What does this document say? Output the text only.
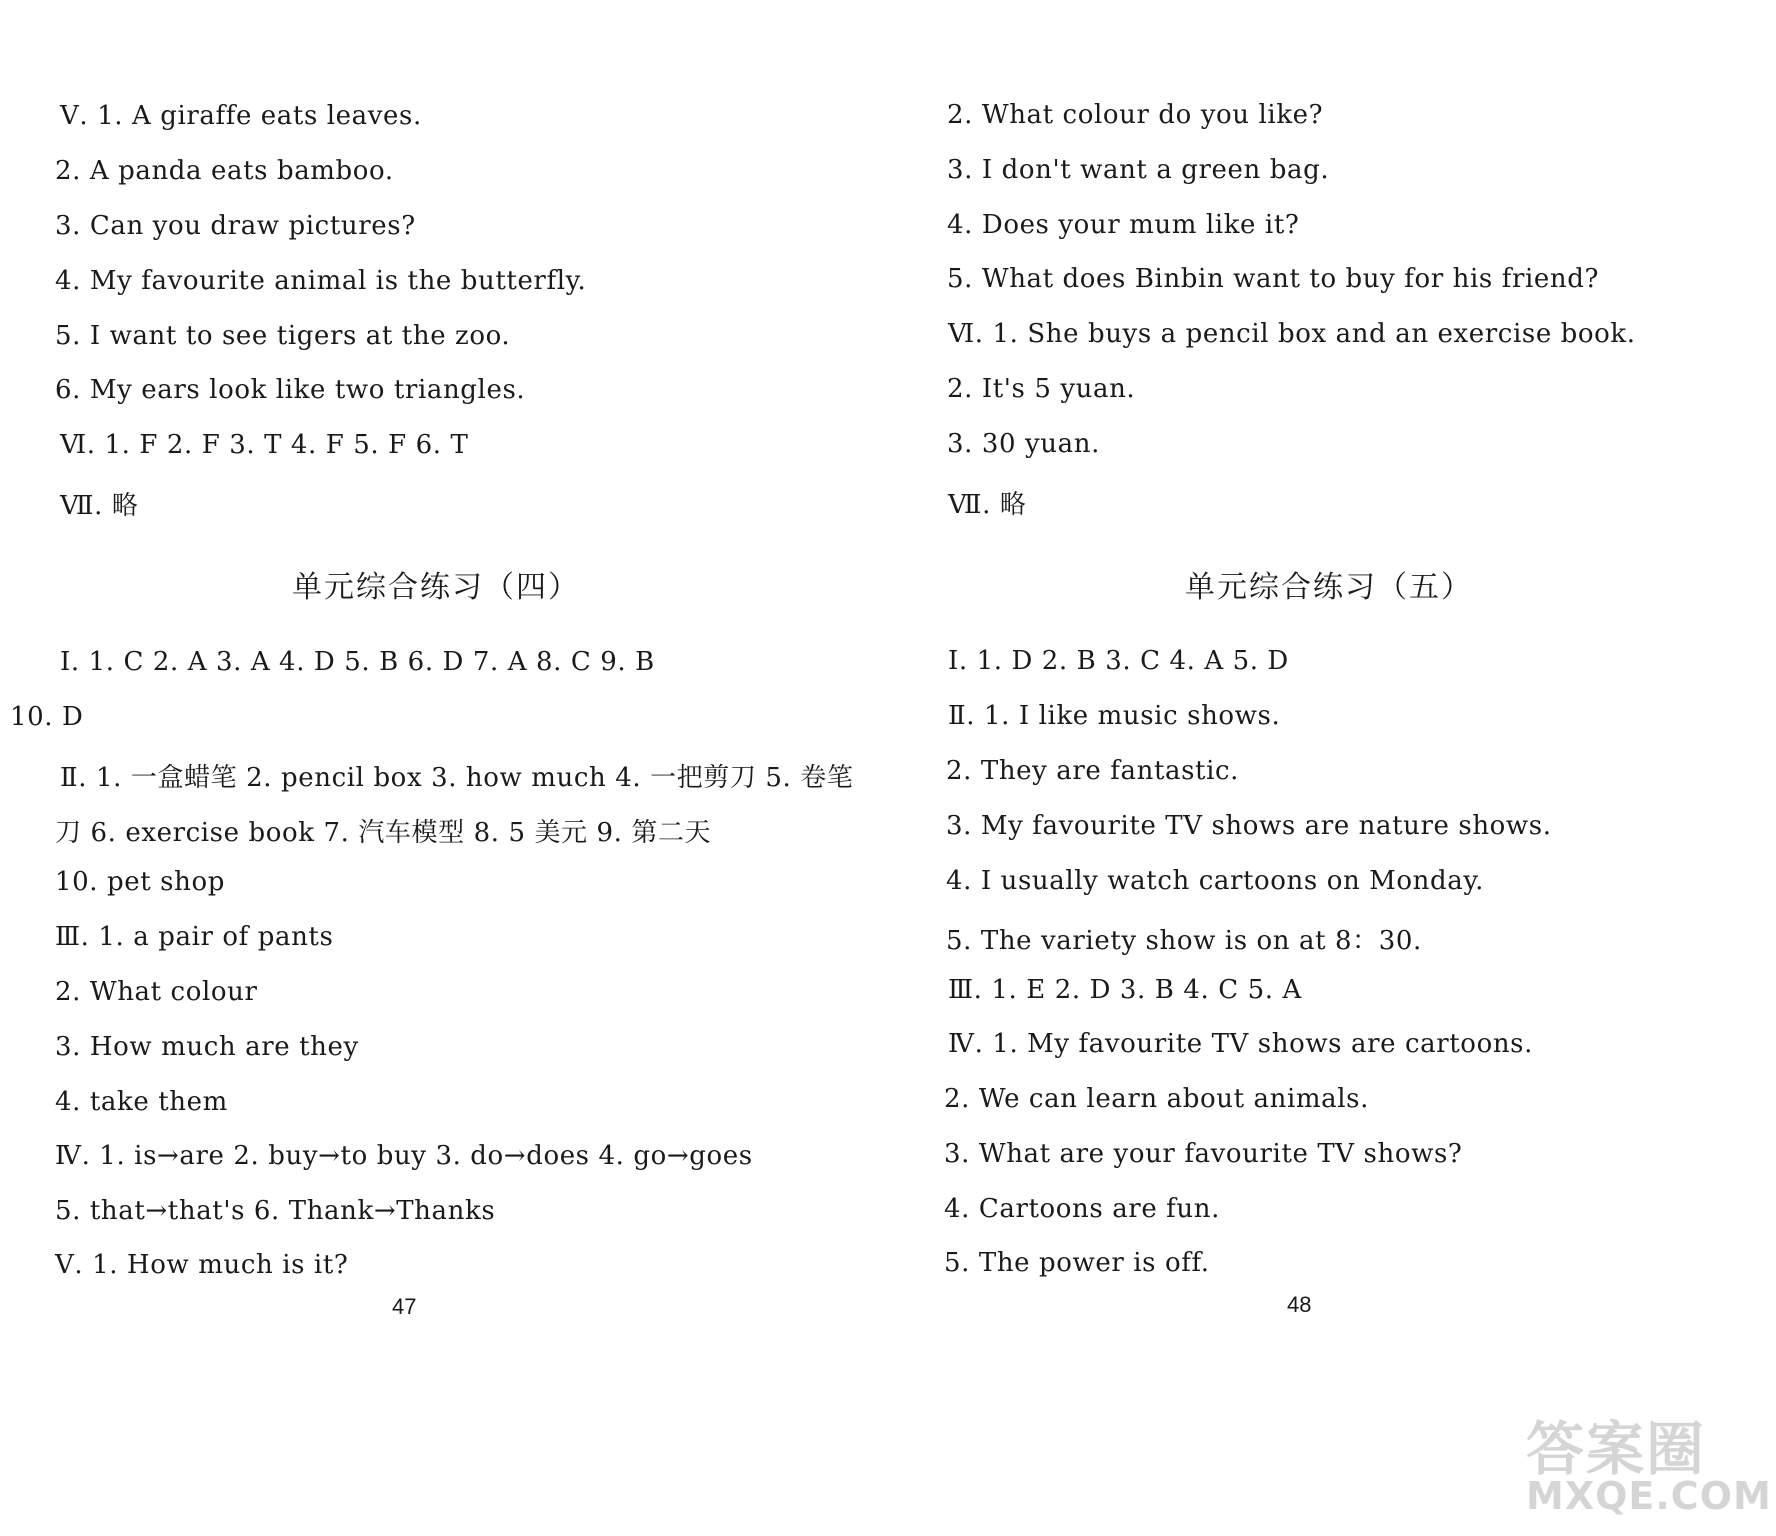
Ⅴ. 1. A giraffe eats leaves.
2. A panda eats bamboo.
3. Can you draw pictures?
4. My favourite animal is the butterfly.
5. I want to see tigers at the zoo.
6. My ears look like two triangles.
Ⅵ. 1. F 2. F 3. T 4. F 5. F 6. T
Ⅶ. 略
单元综合练习（四）
Ⅰ. 1. C 2. A 3. A 4. D 5. B 6. D 7. A 8. C 9. B
10. D
Ⅱ. 1. 一盒蜡笔 2. pencil box 3. how much 4. 一把剪刀 5. 卷笔
刀 6. exercise book 7. 汽车模型 8. 5 美元 9. 第二天
10. pet shop
Ⅲ. 1. a pair of pants
2. What colour
3. How much are they
4. take them
Ⅳ. 1. is→are 2. buy→to buy 3. do→does 4. go→goes
5. that→that's 6. Thank→Thanks
Ⅴ. 1. How much is it?
47
2. What colour do you like?
3. I don't want a green bag.
4. Does your mum like it?
5. What does Binbin want to buy for his friend?
Ⅵ. 1. She buys a pencil box and an exercise book.
2. It's 5 yuan.
3. 30 yuan.
Ⅶ. 略
单元综合练习（五）
Ⅰ. 1. D 2. B 3. C 4. A 5. D
Ⅱ. 1. I like music shows.
2. They are fantastic.
3. My favourite TV shows are nature shows.
4. I usually watch cartoons on Monday.
5. The variety show is on at 8：30.
Ⅲ. 1. E 2. D 3. B 4. C 5. A
Ⅳ. 1. My favourite TV shows are cartoons.
2. We can learn about animals.
3. What are your favourite TV shows?
4. Cartoons are fun.
5. The power is off.
48
答案圈
MXQE.COM
